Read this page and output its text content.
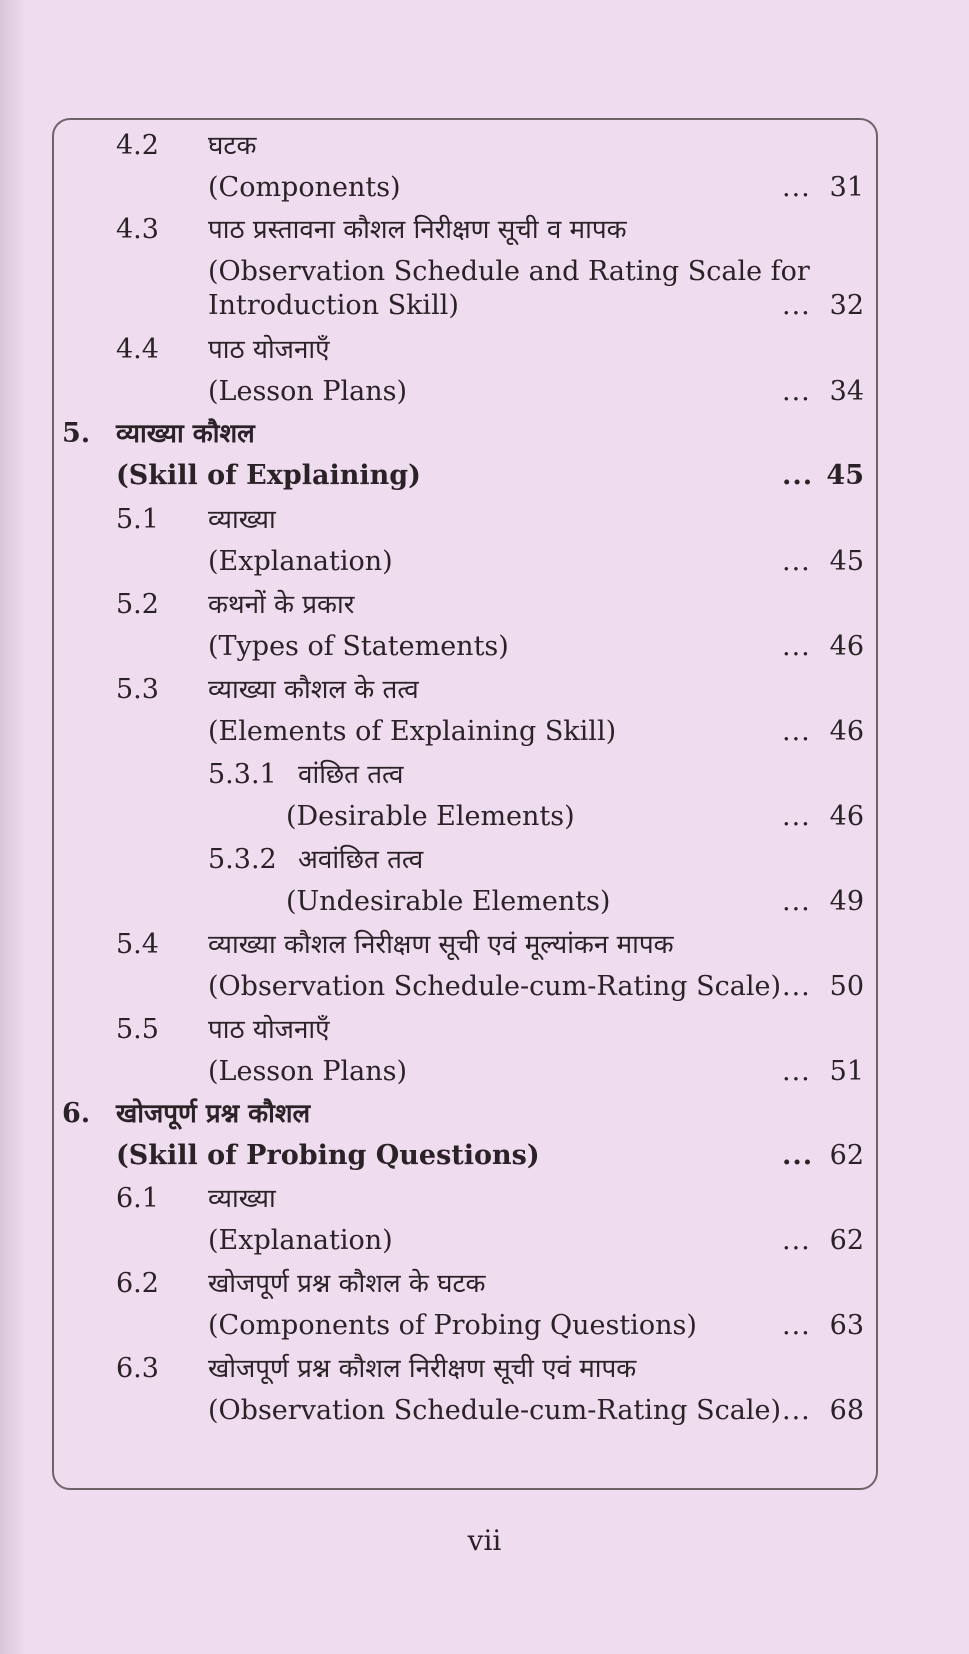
4.2 घटक
(Components)	... 31
4.3 पाठ प्रस्तावना कौशल निरीक्षण सूची व मापक
(Observation Schedule and Rating Scale for
Introduction Skill)	... 32
4.4 पाठ योजनाएँ
(Lesson Plans)	... 34
5. व्याख्या कौशल
(Skill of Explaining)	... 45
5.1 व्याख्या
(Explanation)	... 45
5.2 कथनों के प्रकार
(Types of Statements)	... 46
5.3 व्याख्या कौशल के तत्व
(Elements of Explaining Skill)	... 46
5.3.1 वांछित तत्व
(Desirable Elements)	... 46
5.3.2 अवांछित तत्व
(Undesirable Elements)	... 49
5.4 व्याख्या कौशल निरीक्षण सूची एवं मूल्यांकन मापक
(Observation Schedule-cum-Rating Scale) ... 50
5.5 पाठ योजनाएँ
(Lesson Plans)	... 51
6. खोजपूर्ण प्रश्न कौशल
(Skill of Probing Questions)	... 62
6.1 व्याख्या
(Explanation)	... 62
6.2 खोजपूर्ण प्रश्न कौशल के घटक
(Components of Probing Questions)	... 63
6.3 खोजपूर्ण प्रश्न कौशल निरीक्षण सूची एवं मापक
(Observation Schedule-cum-Rating Scale) ... 68
vii
